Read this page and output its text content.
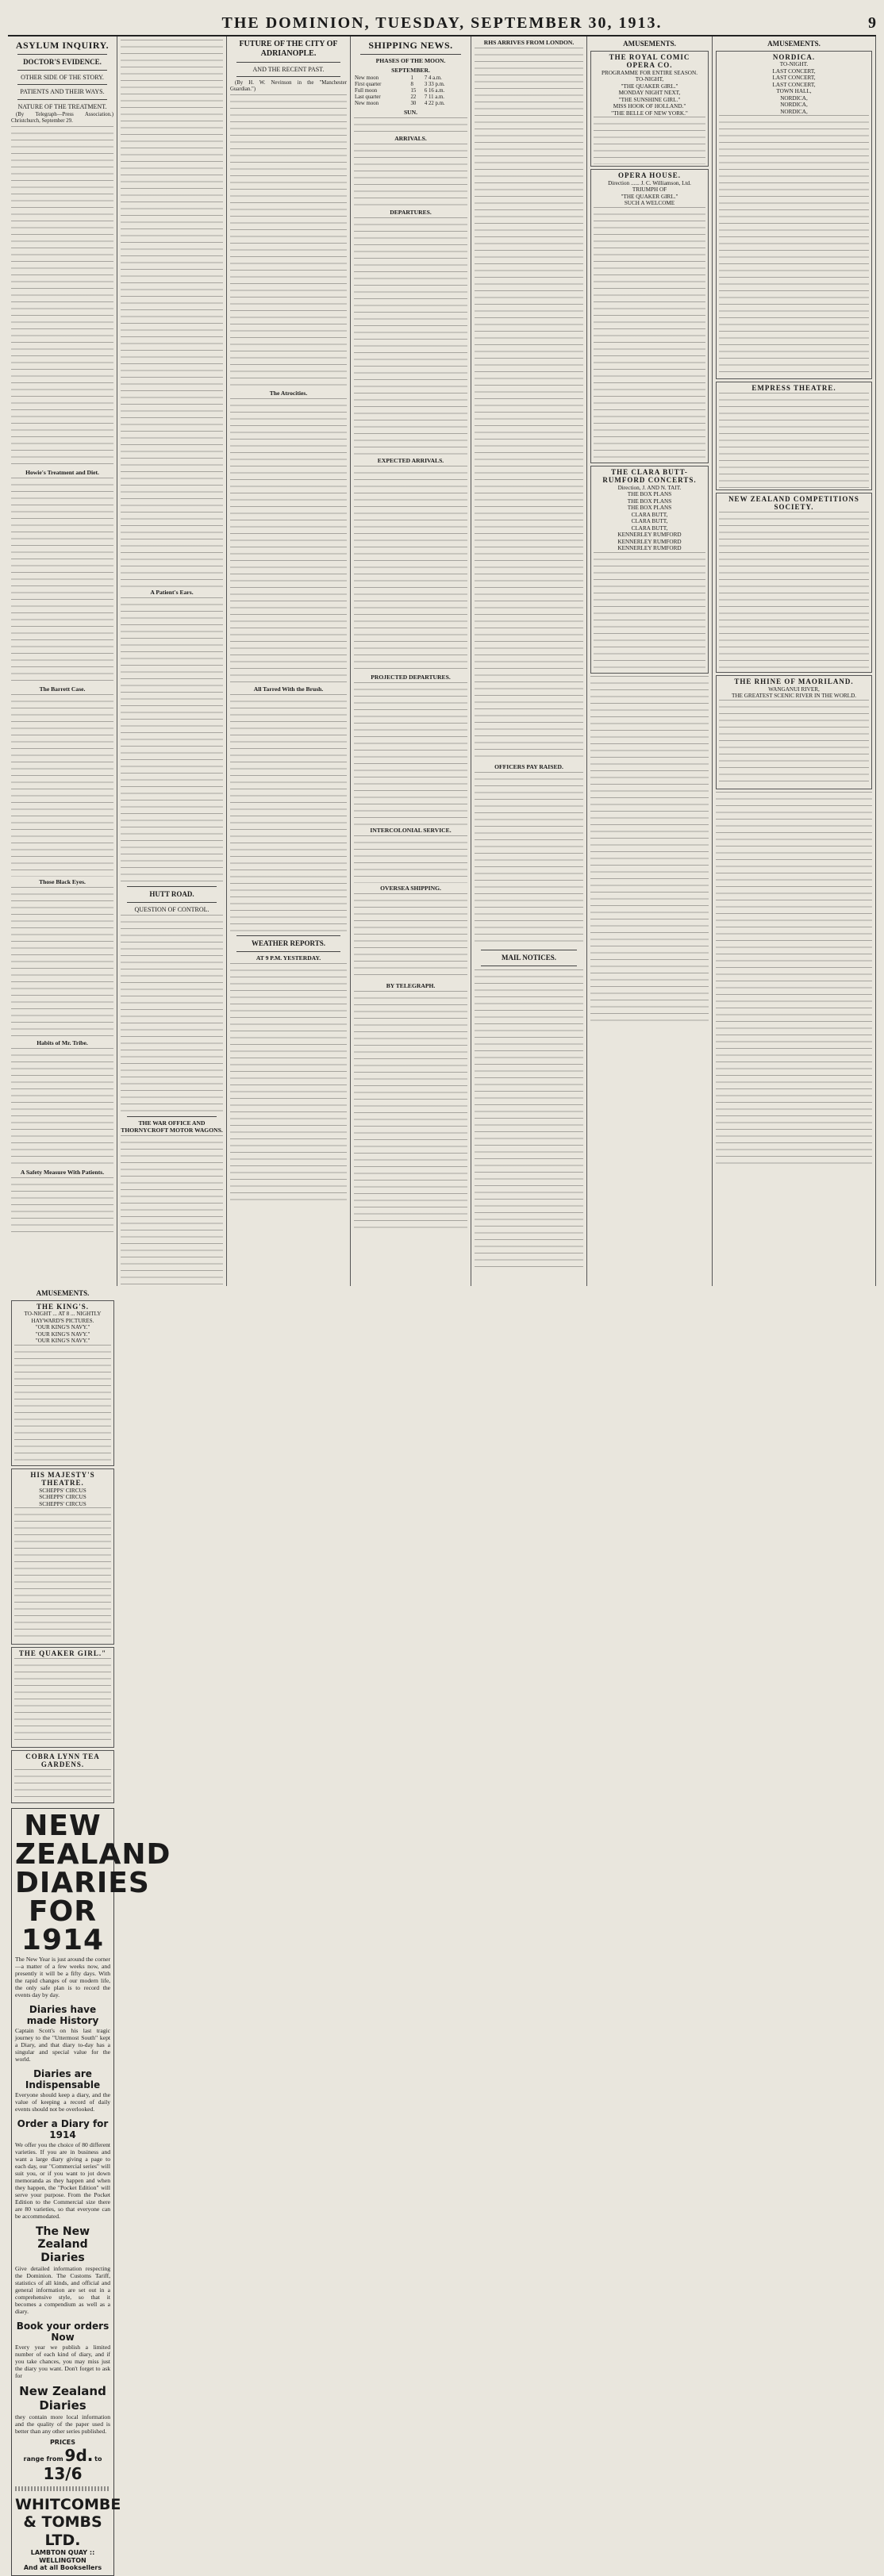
THE DOMINION, TUESDAY, SEPTEMBER 30, 1913.	9
ASYLUM INQUIRY.
DOCTOR'S EVIDENCE.
OTHER SIDE OF THE STORY.
PATIENTS AND THEIR WAYS.
NATURE OF THE TREATMENT.
(By Telegraph—Press Association.) Christchurch, September 29.
Howie's Treatment and Diet.
The Barrett Case.
Those Black Eyes.
Habits of Mr. Tribe.
A Safety Measure With Patients.
A Patient's Ears.
HUTT ROAD.
QUESTION OF CONTROL.
THE WAR OFFICE AND THORNYCROFT MOTOR WAGONS.
FUTURE OF THE CITY OF ADRIANOPLE.
AND THE RECENT PAST.
(By H. W. Nevinson in the "Manchester Guardian.")
The Atrocities.
All Tarred With the Brush.
WEATHER REPORTS.
AT 9 P.M. YESTERDAY.
SHIPPING NEWS.
PHASES OF THE MOON.
SEPTEMBER.
New moon	1	7 4 a.m.
First quarter	8	3 33 p.m.
Full moon	15	6 16 a.m.
Last quarter	22	7 11 a.m.
New moon	30	4 22 p.m.
SUN.
ARRIVALS.
DEPARTURES.
EXPECTED ARRIVALS.
PROJECTED DEPARTURES.
INTERCOLONIAL SERVICE.
OVERSEA SHIPPING.
BY TELEGRAPH.
RHS ARRIVES FROM LONDON.
OFFICERS PAY RAISED.
MAIL NOTICES.
AMUSEMENTS.
THE ROYAL COMIC OPERA CO.
PROGRAMME FOR ENTIRE SEASON.
TO-NIGHT,
"THE QUAKER GIRL."
MONDAY NIGHT NEXT,
"THE SUNSHINE GIRL."
MISS HOOK OF HOLLAND."
"THE BELLE OF NEW YORK."
OPERA HOUSE.
Direction ...... J. C. Williamson, Ltd.
TRIUMPH OF
"THE QUAKER GIRL."
SUCH A WELCOME
THE CLARA BUTT-RUMFORD CONCERTS.
Direction, J. AND N. TAIT.
THE BOX PLANS
THE BOX PLANS
THE BOX PLANS
CLARA BUTT,
CLARA BUTT,
CLARA BUTT,
KENNERLEY RUMFORD
KENNERLEY RUMFORD
KENNERLEY RUMFORD
AMUSEMENTS.
NORDICA.
TO-NIGHT.
LAST CONCERT,
LAST CONCERT,
LAST CONCERT,
TOWN HALL,
NORDICA,
NORDICA,
NORDICA,
EMPRESS THEATRE.
NEW ZEALAND COMPETITIONS SOCIETY.
THE RHINE OF MAORILAND.
WANGANUI RIVER,
THE GREATEST SCENIC RIVER IN THE WORLD.
AMUSEMENTS.
THE KING'S.
TO-NIGHT ... AT 8 ... NIGHTLY
HAYWARD'S PICTURES.
"OUR KING'S NAVY."
"OUR KING'S NAVY."
"OUR KING'S NAVY."
HIS MAJESTY'S THEATRE.
SCHEPPS' CIRCUS
SCHEPPS' CIRCUS
SCHEPPS' CIRCUS
THE QUAKER GIRL."
COBRA LYNN TEA GARDENS.
NEW ZEALAND
DIARIES FOR 1914
The New Year is just around the corner—a matter of a few weeks now, and presently it will be a fifty days. With the rapid changes of our modern life, the only safe plan is to record the events day by day.
Diaries have made History
Captain Scott's on his last tragic journey to the "Uttermost South" kept a Diary, and that diary to-day has a singular and special value for the world.
Diaries are Indispensable
Everyone should keep a diary, and the value of keeping a record of daily events should not be overlooked.
Order a Diary for 1914
We offer you the choice of 80 different varieties. If you are in business and want a large diary giving a page to each day, our "Commercial series" will suit you, or if you want to jot down memoranda as they happen and when they happen, the "Pocket Edition" will serve your purpose. From the Pocket Edition to the Commercial size there are 80 varieties, so that everyone can be accommodated.
The New Zealand Diaries
Give detailed information respecting the Dominion. The Customs Tariff, statistics of all kinds, and official and general information are set out in a comprehensive style, so that it becomes a compendium as well as a diary.
Book your orders Now
Every year we publish a limited number of each kind of diary, and if you take chances, you may miss just the diary you want. Don't forget to ask for
New Zealand Diaries
they contain more local information and the quality of the paper used is better than any other series published.
PRICES
range from 9d. to 13/6
WHITCOMBE & TOMBS LTD.
LAMBTON QUAY :: WELLINGTON
And at all Booksellers
